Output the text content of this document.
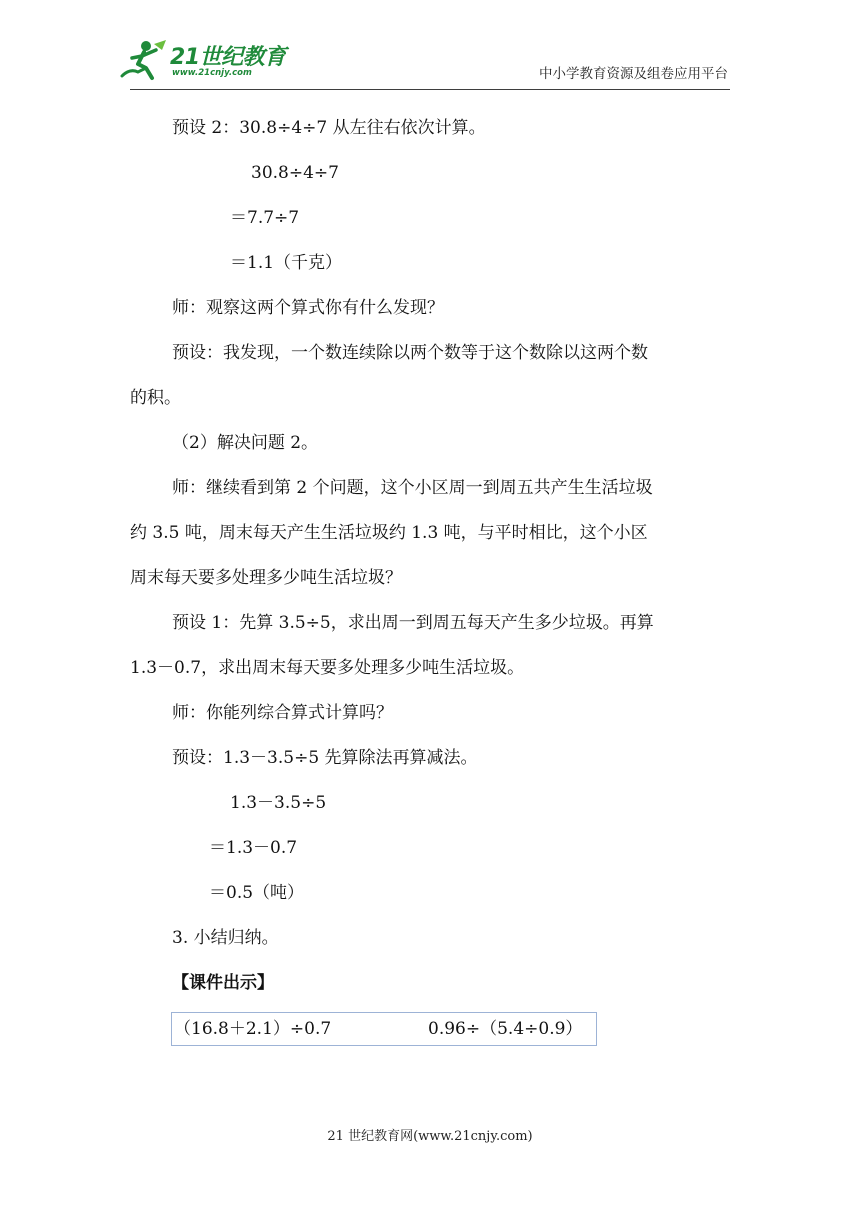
21世纪教育
www.21cnjy.com	中小学教育资源及组卷应用平台
预设 2：30.8÷4÷7 从左往右依次计算。
30.8÷4÷7
＝7.7÷7
＝1.1（千克）
师：观察这两个算式你有什么发现？
预设：我发现，一个数连续除以两个数等于这个数除以这两个数
的积。
（2）解决问题 2。
师：继续看到第 2 个问题，这个小区周一到周五共产生生活垃圾
约 3.5 吨，周末每天产生生活垃圾约 1.3 吨，与平时相比，这个小区
周末每天要多处理多少吨生活垃圾？
预设 1：先算 3.5÷5，求出周一到周五每天产生多少垃圾。再算
1.3－0.7，求出周末每天要多处理多少吨生活垃圾。
师：你能列综合算式计算吗？
预设：1.3－3.5÷5 先算除法再算减法。
1.3－3.5÷5
＝1.3－0.7
＝0.5（吨）
3. 小结归纳。
【课件出示】
（16.8＋2.1）÷0.7	0.96÷（5.4÷0.9）
21 世纪教育网(www.21cnjy.com)
